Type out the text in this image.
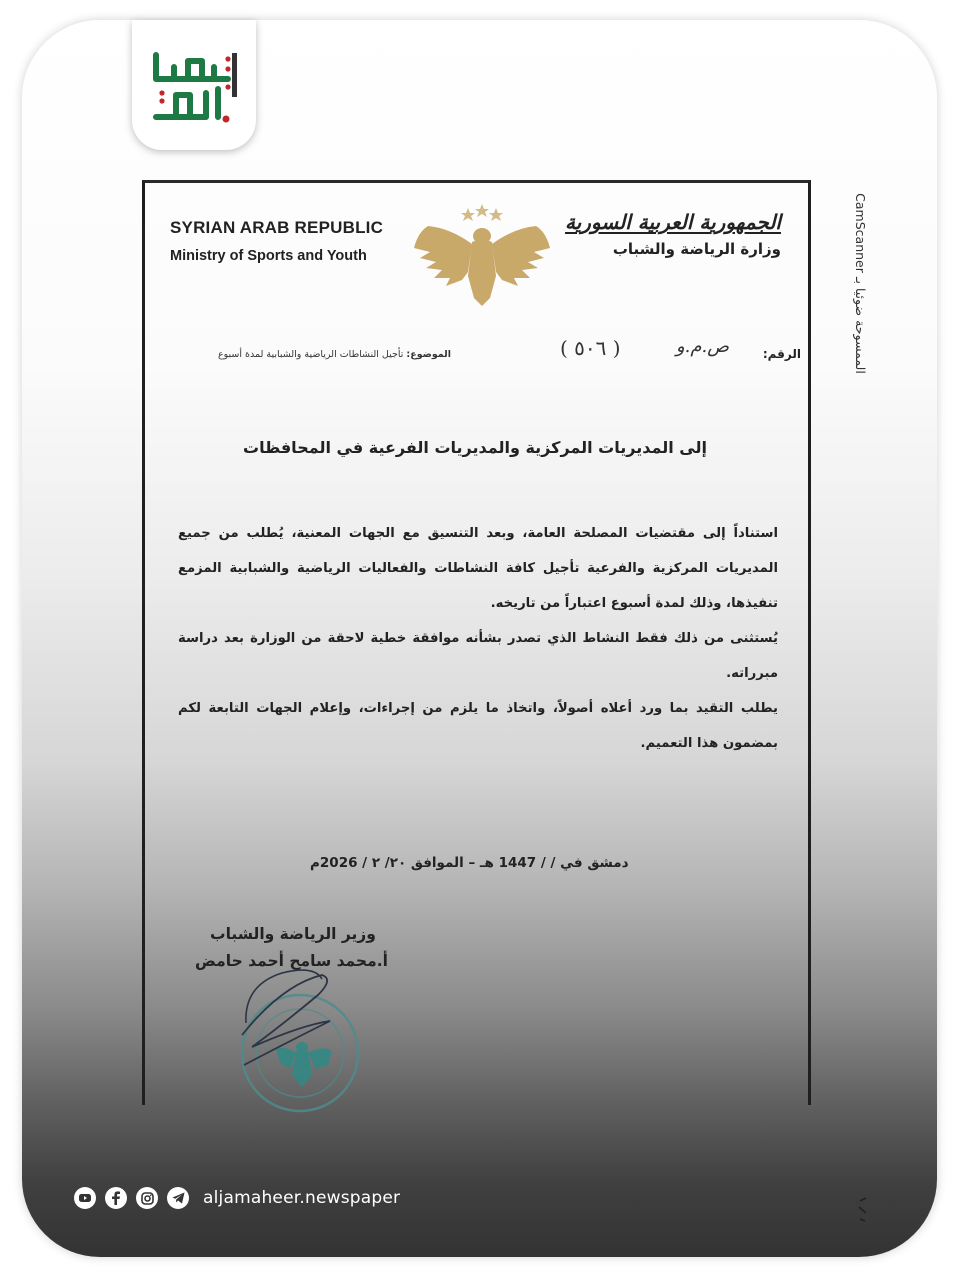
SYRIAN ARAB REPUBLIC
Ministry of Sports and Youth
الجمهورية العربية السورية
وزارة الرياضة والشباب
الرقم:
ص.م.و
( ٥٠٦ )
الموضوع: تأجيل النشاطات الرياضية والشبابية لمدة أسبوع
إلى المديريات المركزية والمديريات الفرعية في المحافظات

استناداً إلى مقتضيات المصلحة العامة، وبعد التنسيق مع الجهات المعنية، يُطلب من جميع المديريات المركزية والفرعية تأجيل كافة النشاطات والفعاليات الرياضية والشبابية المزمع تنفيذها، وذلك لمدة أسبوع اعتباراً من تاريخه.

يُستثنى من ذلك فقط النشاط الذي تصدر بشأنه موافقة خطية لاحقة من الوزارة بعد دراسة مبرراته.

يطلب التقيد بما ورد أعلاه أصولاً، واتخاذ ما يلزم من إجراءات، وإعلام الجهات التابعة لكم بمضمون هذا التعميم.

دمشق في / / 1447 هـ – الموافق ٢٠/ ٢ / 2026م
وزير الرياضة والشباب
أ.محمد سامح أحمد حامض
الممسوحة ضوئيا بـ CamScanner
aljamaheer.newspaper
